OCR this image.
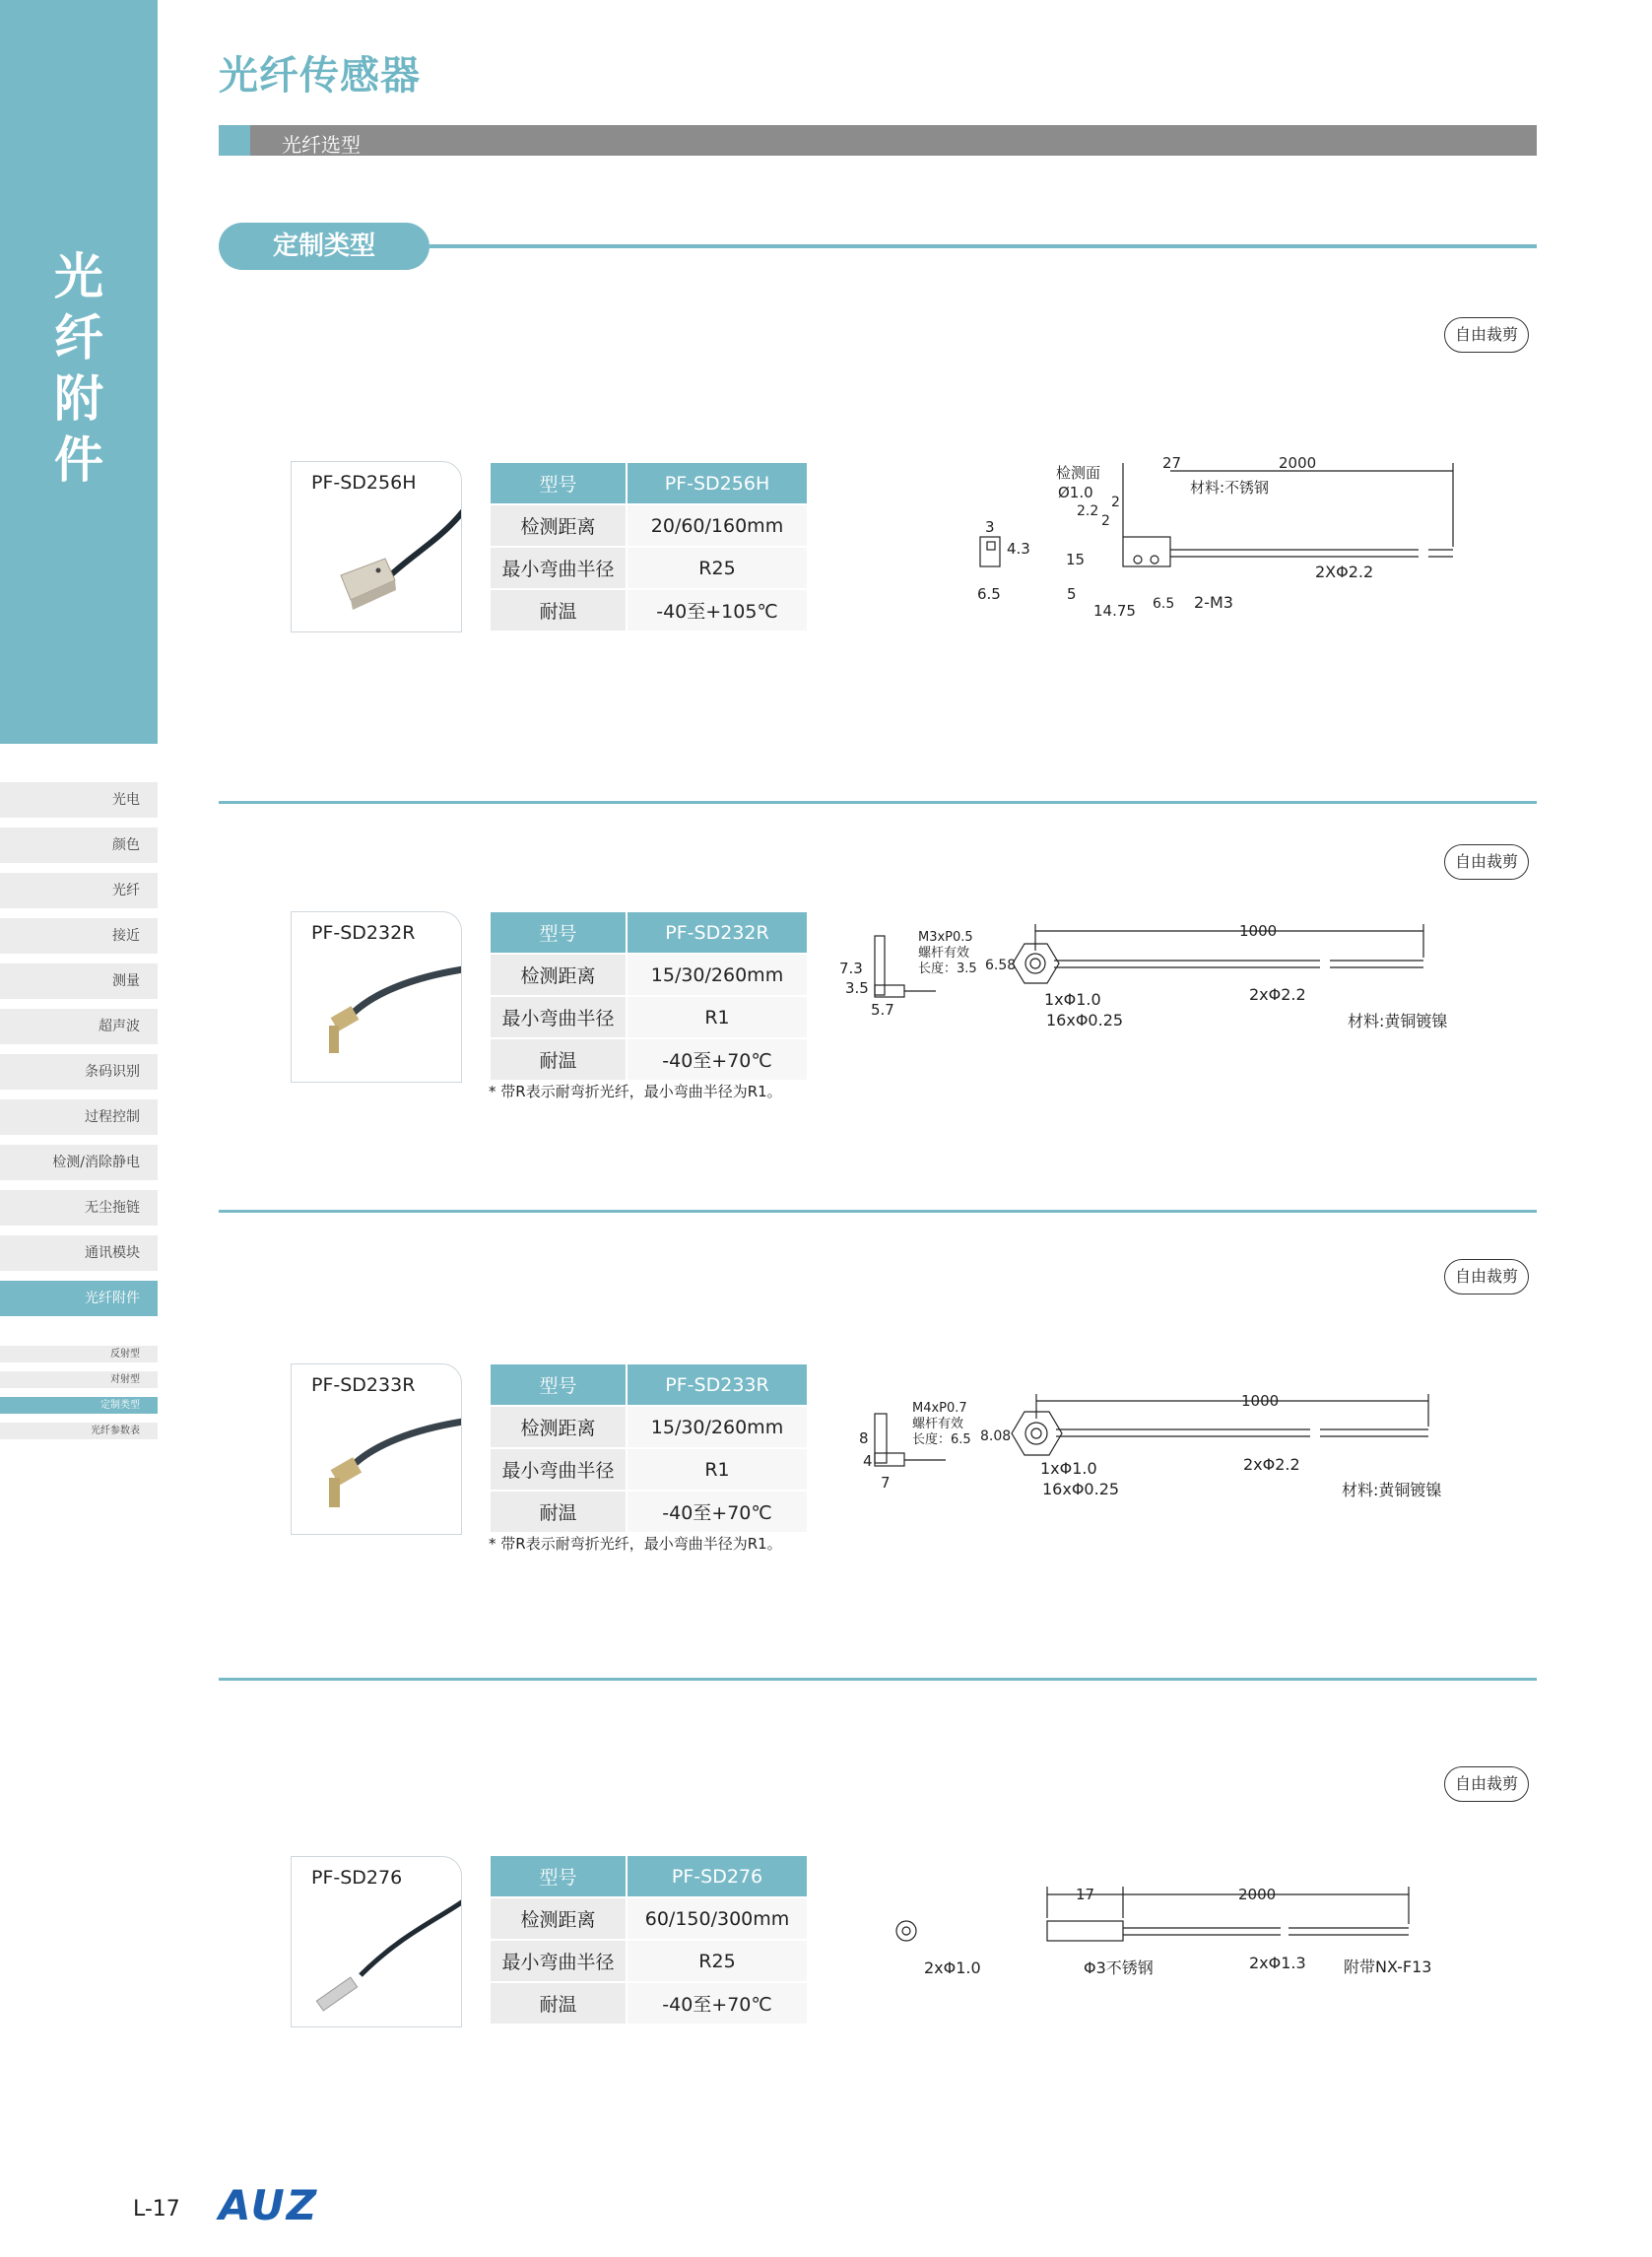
光
纤
附
件
光电
颜色
光纤
接近
测量
超声波
条码识别
过程控制
检测/消除静电
无尘拖链
通讯模块
光纤附件
反射型
对射型
定制类型
光纤参数表
光纤传感器
光纤选型
定制类型
自由裁剪
PF-SD256H	型号	PF-SD256H
检测距离	20/60/160mm
最小弯曲半径	R25
耐温	-40至+105℃
检测面
Ø1.0
27	2000
2.2
2
2
材料:不锈钢
3
4.3
15
2XΦ2.2
6.5	5
14.75 6.5 2-M3
自由裁剪
PF-SD232R	型号	PF-SD232R
检测距离	15/30/260mm
最小弯曲半径	R1
耐温	-40至+70℃
* 带R表示耐弯折光纤，最小弯曲半径为R1。
M3xP0.5
螺杆有效
长度：3.5
7.3
3.5
5.7
6.58
1000
1xΦ1.0
16xΦ0.25
2xΦ2.2
材料:黄铜镀镍
自由裁剪
PF-SD233R	型号	PF-SD233R
检测距离	15/30/260mm
最小弯曲半径	R1
耐温	-40至+70℃
* 带R表示耐弯折光纤，最小弯曲半径为R1。
M4xP0.7
螺杆有效
长度：6.5
8
4
7
8.08
1000
1xΦ1.0
16xΦ0.25
2xΦ2.2
材料:黄铜镀镍
自由裁剪
PF-SD276	型号	PF-SD276
检测距离	60/150/300mm
最小弯曲半径	R25
耐温	-40至+70℃
17	2000
2xΦ1.0	Φ3不锈钢	2xΦ1.3 附带NX-F13
L-17 AUZ
